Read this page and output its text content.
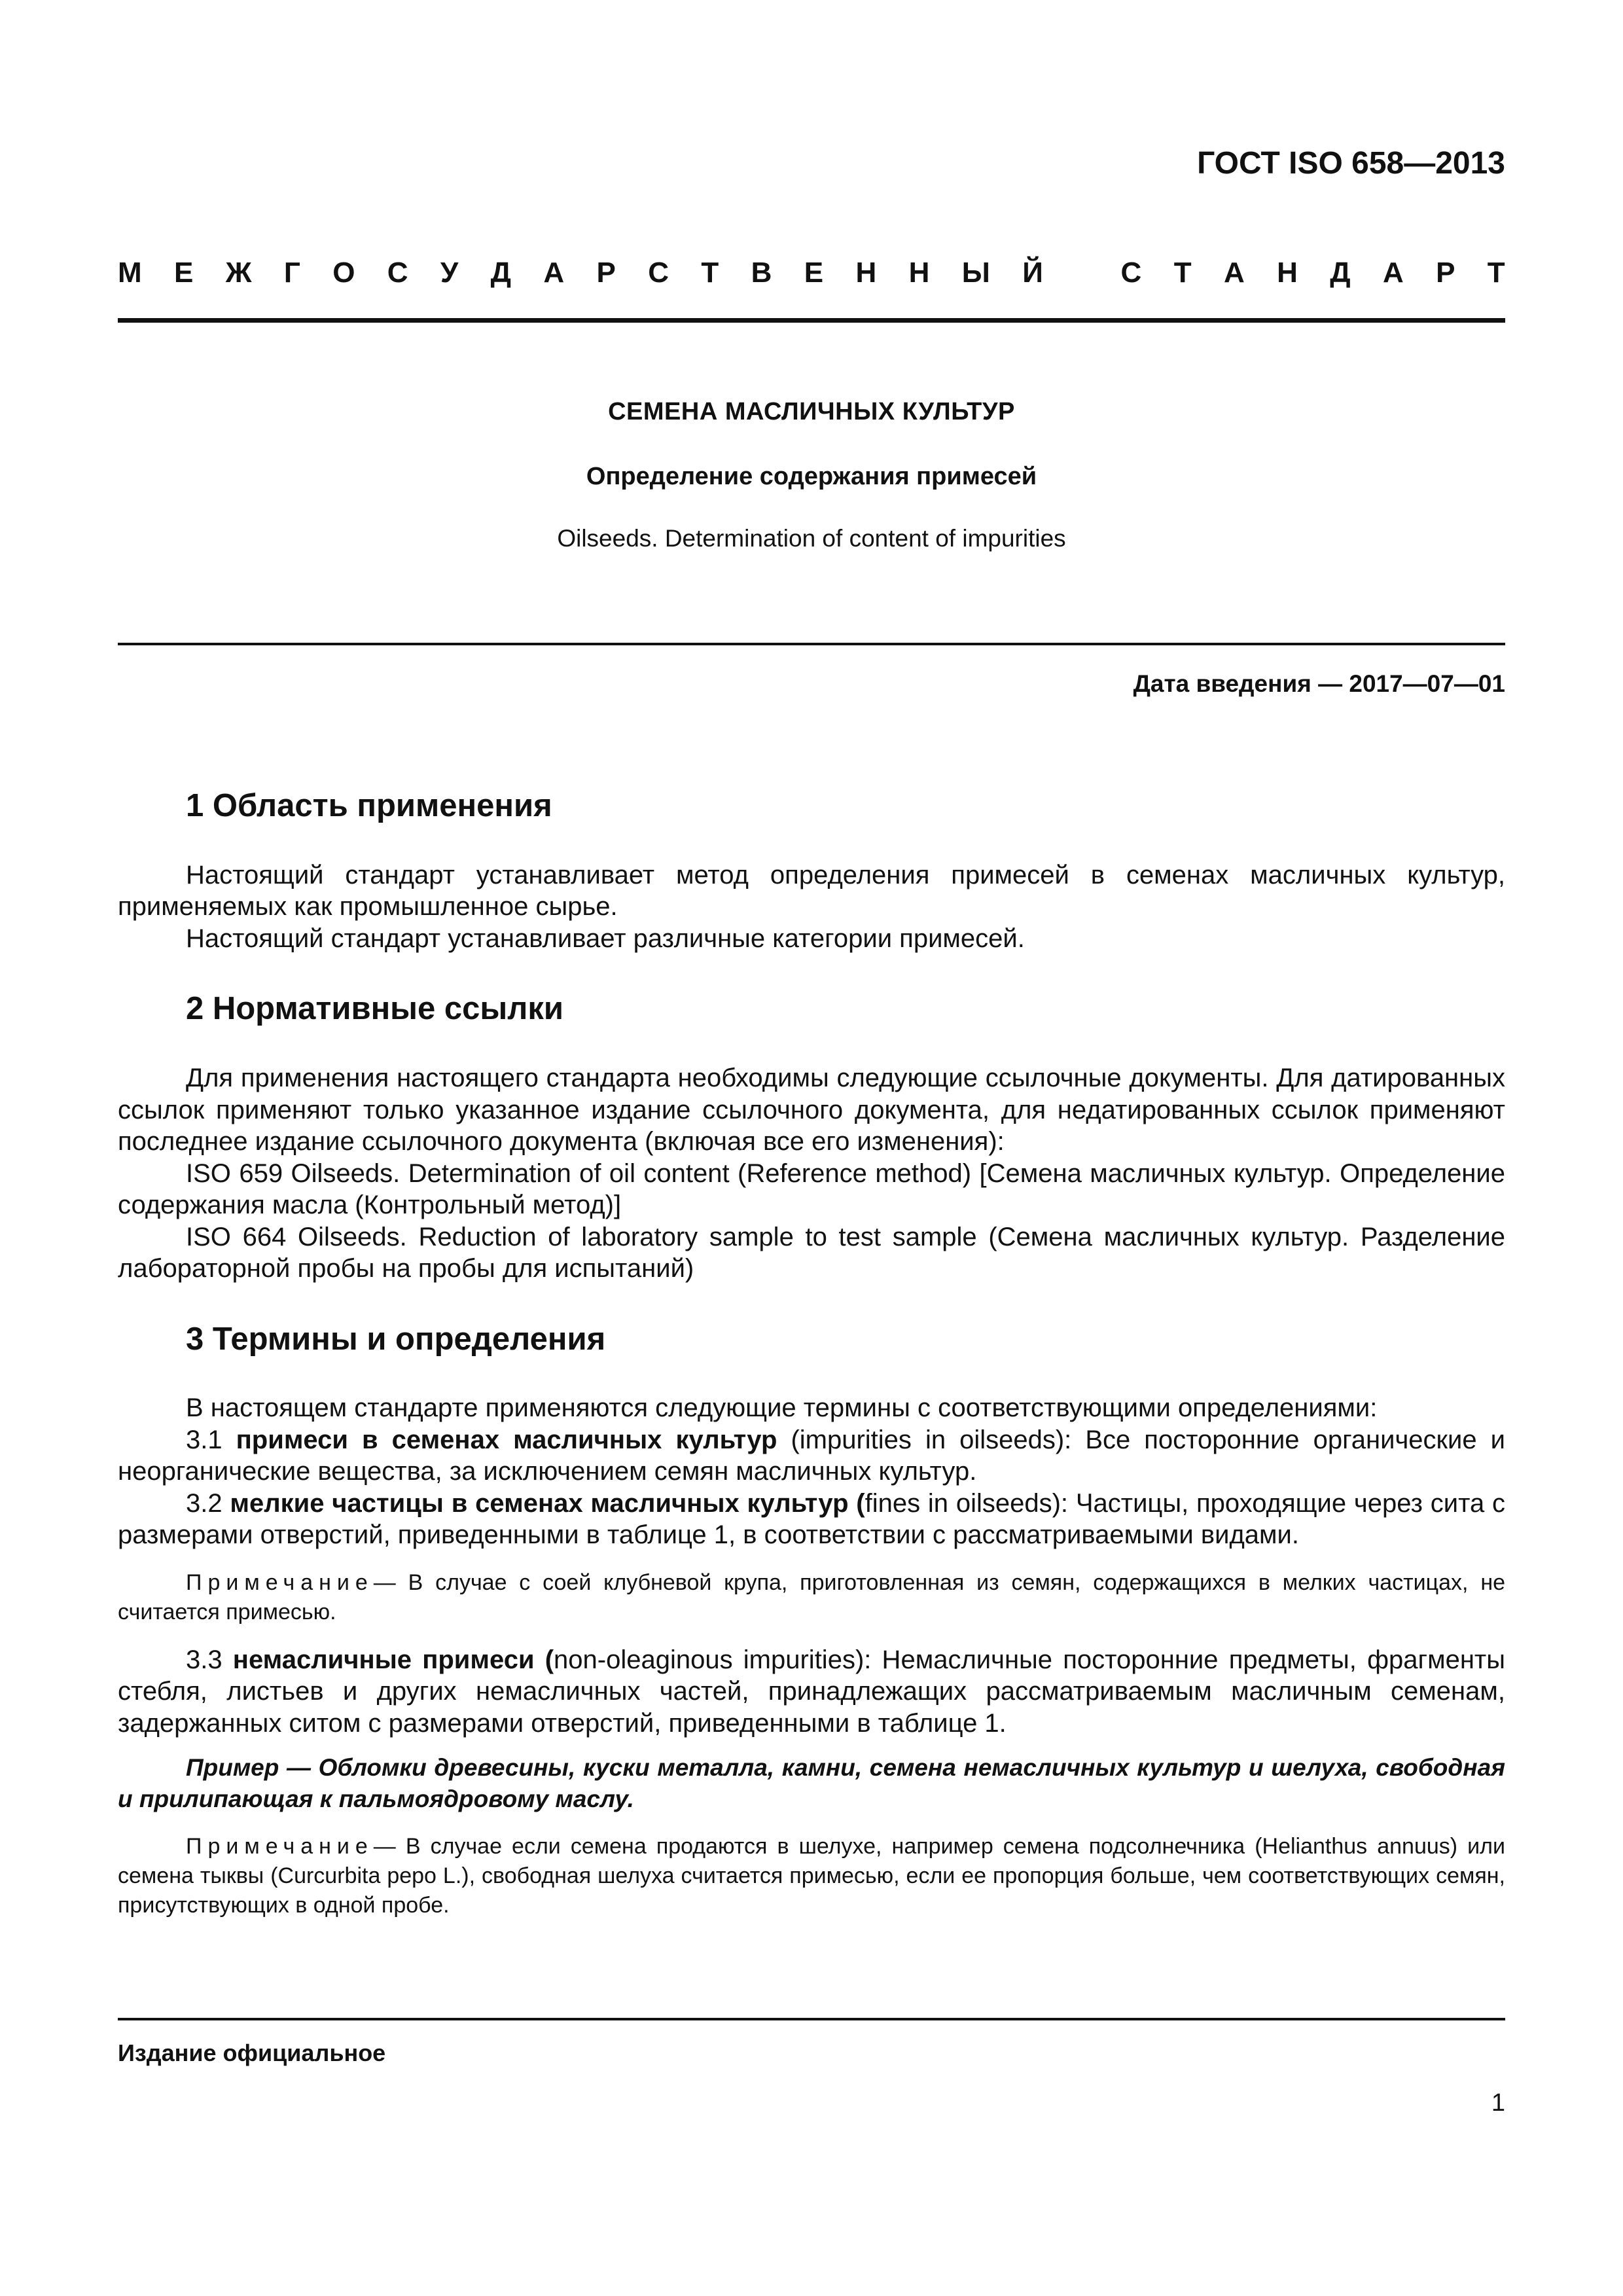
ГОСТ ISO 658—2013
М Е Ж Г О С У Д А Р С Т В Е Н Н Ы Й	С Т А Н Д А Р Т
СЕМЕНА МАСЛИЧНЫХ КУЛЬТУР
Определение содержания примесей
Oilseeds. Determination of content of impurities
Дата введения — 2017—07—01
1 Область применения

Настоящий стандарт устанавливает метод определения примесей в семенах масличных культур, применяемых как промышленное сырье.

Настоящий стандарт устанавливает различные категории примесей.

2 Нормативные ссылки

Для применения настоящего стандарта необходимы следующие ссылочные документы. Для датированных ссылок применяют только указанное издание ссылочного документа, для недатированных ссылок применяют последнее издание ссылочного документа (включая все его изменения):

ISO 659 Oilseeds. Determination of oil content (Reference method) [Семена масличных культур. Определение содержания масла (Контрольный метод)]

ISO 664 Oilseeds. Reduction of laboratory sample to test sample (Семена масличных культур. Разделение лабораторной пробы на пробы для испытаний)

3 Термины и определения

В настоящем стандарте применяются следующие термины с соответствующими определениями:

3.1 примеси в семенах масличных культур (impurities in oilseeds): Все посторонние органические и неорганические вещества, за исключением семян масличных культур.

3.2 мелкие частицы в семенах масличных культур (fines in oilseeds): Частицы, проходящие через сита с размерами отверстий, приведенными в таблице 1, в соответствии с рассматриваемыми видами.

Примечание— В случае с соей клубневой крупа, приготовленная из семян, содержащихся в мелких частицах, не считается примесью.

3.3 немасличные примеси (non-oleaginous impurities): Немасличные посторонние предметы, фрагменты стебля, листьев и других немасличных частей, принадлежащих рассматриваемым масличным семенам, задержанных ситом с размерами отверстий, приведенными в таблице 1.

Пример — Обломки древесины, куски металла, камни, семена немасличных культур и шелуха, свободная и прилипающая к пальмоядровому маслу.

Примечание— В случае если семена продаются в шелухе, например семена подсолнечника (Helianthus annuus) или семена тыквы (Curcurbita pepo L.), свободная шелуха считается примесью, если ее пропорция больше, чем соответствующих семян, присутствующих в одной пробе.

Издание официальное
1
